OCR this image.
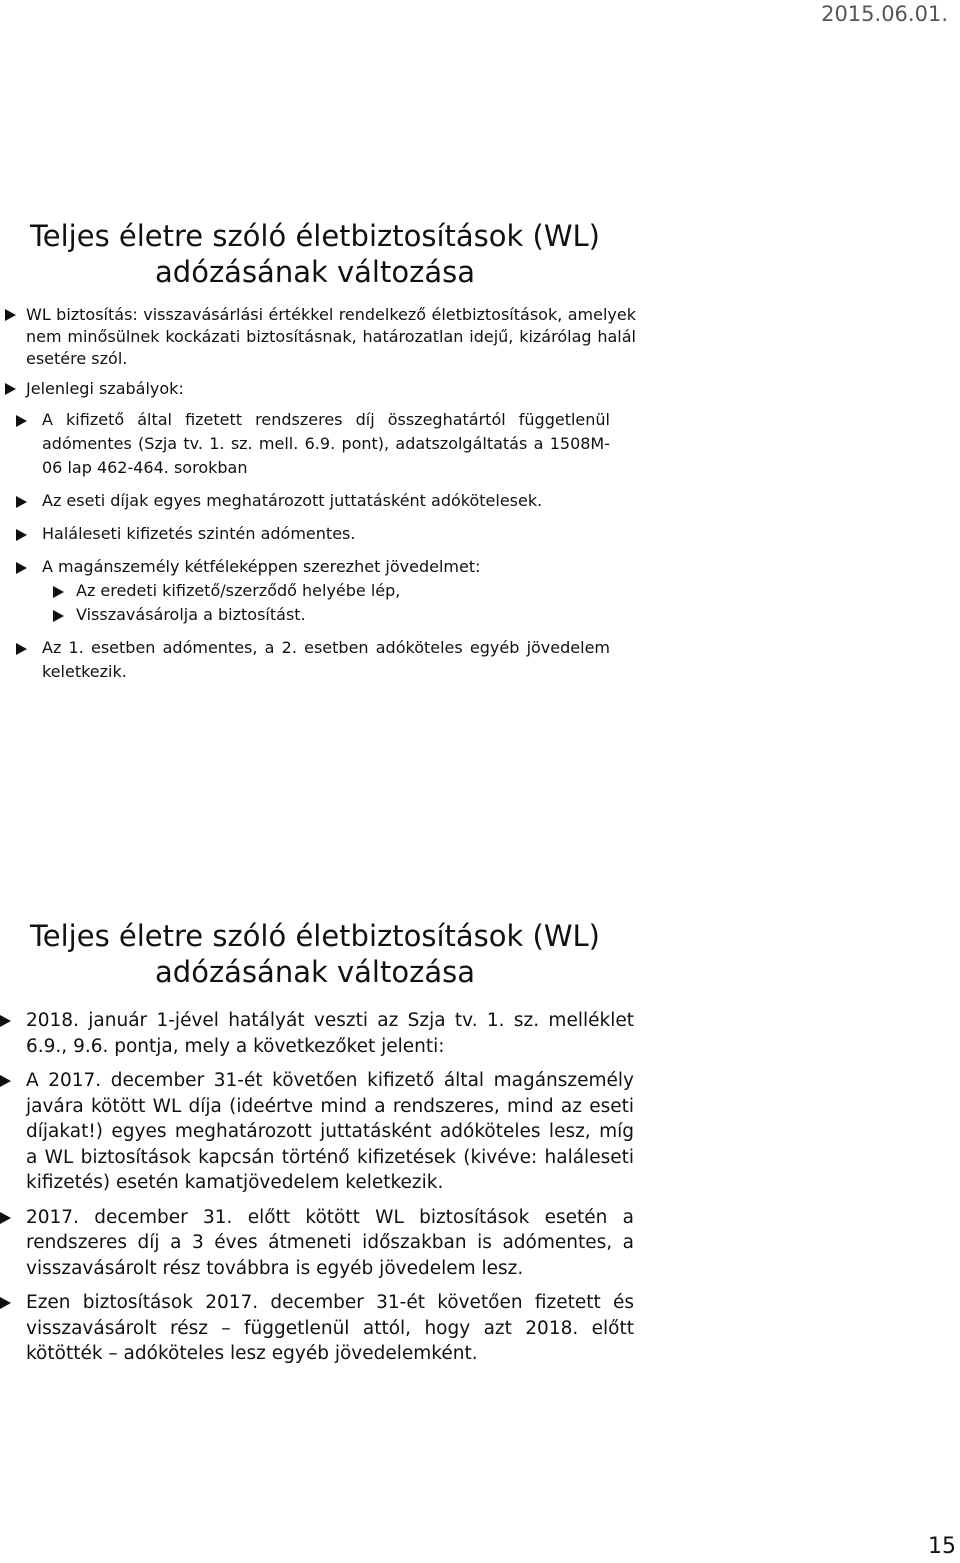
2015.06.01.
Teljes életre szóló életbiztosítások (WL)
adózásának változása
WL biztosítás: visszavásárlási értékkel rendelkező életbiztosítások, amelyek nem minősülnek kockázati biztosításnak, határozatlan idejű, kizárólag halál esetére szól.
Jelenlegi szabályok:
A kifizető által fizetett rendszeres díj összeghatártól függetlenül adómentes (Szja tv. 1. sz. mell. 6.9. pont), adatszolgáltatás a 1508M-06 lap 462-464. sorokban
Az eseti díjak egyes meghatározott juttatásként adókötelesek.
Haláleseti kifizetés szintén adómentes.
A magánszemély kétféleképpen szerezhet jövedelmet:
Az eredeti kifizető/szerződő helyébe lép,
Visszavásárolja a biztosítást.
Az 1. esetben adómentes, a 2. esetben adóköteles egyéb jövedelem keletkezik.
Teljes életre szóló életbiztosítások (WL)
adózásának változása
2018. január 1-jével hatályát veszti az Szja tv. 1. sz. melléklet 6.9., 9.6. pontja, mely a következőket jelenti:
A 2017. december 31-ét követően kifizető által magánszemély javára kötött WL díja (ideértve mind a rendszeres, mind az eseti díjakat!) egyes meghatározott juttatásként adóköteles lesz, míg a WL biztosítások kapcsán történő kifizetések (kivéve: haláleseti kifizetés) esetén kamatjövedelem keletkezik.
2017. december 31. előtt kötött WL biztosítások esetén a rendszeres díj a 3 éves átmeneti időszakban is adómentes, a visszavásárolt rész továbbra is egyéb jövedelem lesz.
Ezen biztosítások 2017. december 31-ét követően fizetett és visszavásárolt rész – függetlenül attól, hogy azt 2018. előtt kötötték – adóköteles lesz egyéb jövedelemként.
15
